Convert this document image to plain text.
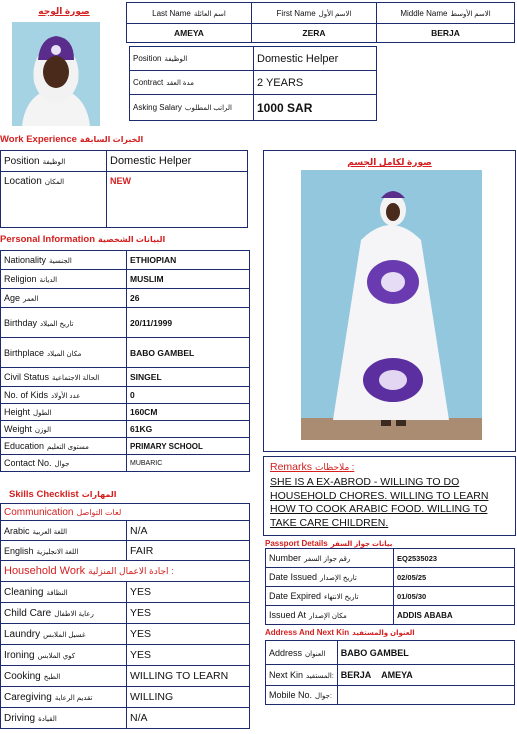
صورة الوجه	Last Name اسم العائلة	First Name الاسم الأول	Middle Name الاسم الأوسط
AMEYA	ZERA	BERJA
Position الوظيفة	Domestic Helper
Contract مدة العقد	2 YEARS
Asking Salary الراتب المطلوب	1000 SAR
Work Experience الخبرات السابقة
Position الوظيفة	Domestic Helper
Location المكان	NEW
Personal Information البيانات الشخصية
Nationality الجنسية	ETHIOPIAN
Religion الديانة	MUSLIM
Age العمر	26
Birthday تاريخ الميلاد	20/11/1999
Birthplace مكان الميلاد	BABO GAMBEL
Civil Status الحالة الاجتماعية	SINGEL
No. of Kids عدد الأولاد	0
Height الطول	160CM
Weight الوزن	61KG
Education مستوى التعليم	PRIMARY SCHOOL
Contact No. جوال	MUBARIC
Skills Checklist المهارات
Communication لغات التواصل	
Arabic اللغة العربية	N/A
English اللغة الانجليزية	FAIR
Household Work اجادة الاعمال المنزلية :	
Cleaning النظافة	YES
Child Care رعاية الاطفال	YES
Laundry غسيل الملابس	YES
Ironing كوي الملابس	YES
Cooking الطبخ	WILLING TO LEARN
Caregiving تقديم الرعاية	WILLING
Driving القيادة	N/A
صورة لكامل الجسم
Remarks ملاحظات :
SHE IS A EX-ABROD - WILLING TO DO HOUSEHOLD CHORES. WILLING TO LEARN HOW TO COOK ARABIC FOOD. WILLING TO TAKE CARE CHILDREN.
Passport Details بيانات جواز السفر
Number رقم جواز السفر	EQ2535023
Date Issued تاريخ الإصدار	02/05/25
Date Expired تاريخ الانتهاء	01/05/30
Issued At مكان الإصدار	ADDIS ABABA
Address And Next Kin العنوان والمستفيد
Address العنوان	BABO GAMBEL
Next Kin المستفيد:	BERJA AMEYA
Mobile No. جوال:	
